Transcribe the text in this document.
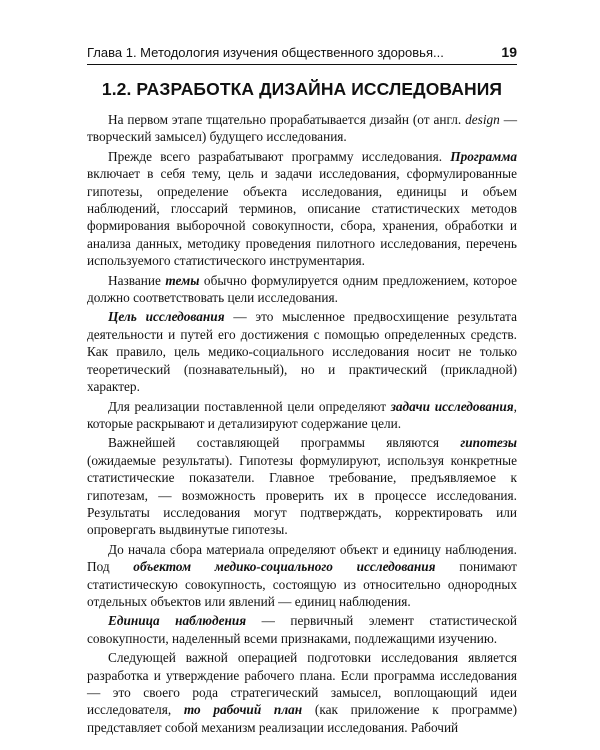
Глава 1. Методология изучения общественного здоровья...	19
1.2. РАЗРАБОТКА ДИЗАЙНА ИССЛЕДОВАНИЯ

На первом этапе тщательно прорабатывается дизайн (от англ. design — творческий замысел) будущего исследования.

Прежде всего разрабатывают программу исследования. Программа включает в себя тему, цель и задачи исследования, сформулированные гипотезы, определение объекта исследования, единицы и объем наблюдений, глоссарий терминов, описание статистических методов формирования выборочной совокупности, сбора, хранения, обработки и анализа данных, методику проведения пилотного исследования, перечень используемого статистического инструментария.

Название темы обычно формулируется одним предложением, которое должно соответствовать цели исследования.

Цель исследования — это мысленное предвосхищение результата деятельности и путей его достижения с помощью определенных средств. Как правило, цель медико-социального исследования носит не только теоретический (познавательный), но и практический (прикладной) характер.

Для реализации поставленной цели определяют задачи исследования, которые раскрывают и детализируют содержание цели.

Важнейшей составляющей программы являются гипотезы (ожидаемые результаты). Гипотезы формулируют, используя конкретные статистические показатели. Главное требование, предъявляемое к гипотезам, — возможность проверить их в процессе исследования. Результаты исследования могут подтверждать, корректировать или опровергать выдвинутые гипотезы.

До начала сбора материала определяют объект и единицу наблюдения. Под объектом медико-социального исследования понимают статистическую совокупность, состоящую из относительно однородных отдельных объектов или явлений — единиц наблюдения.

Единица наблюдения — первичный элемент статистической совокупности, наделенный всеми признаками, подлежащими изучению.

Следующей важной операцией подготовки исследования является разработка и утверждение рабочего плана. Если программа исследования — это своего рода стратегический замысел, воплощающий идеи исследователя, то рабочий план (как приложение к программе) представляет собой механизм реализации исследования. Рабочий
